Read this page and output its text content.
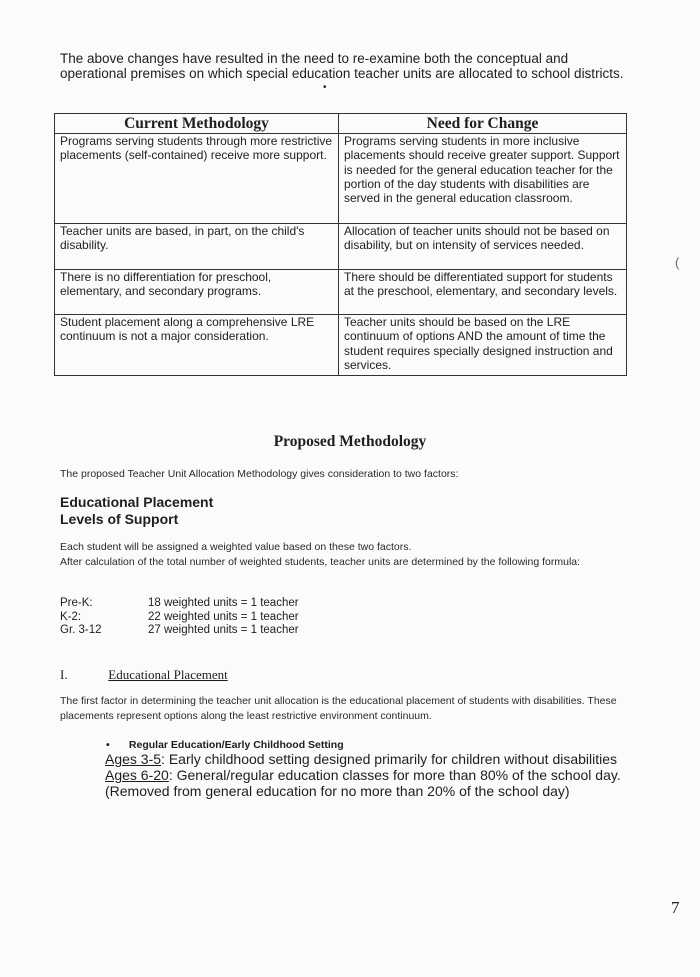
The above changes have resulted in the need to re-examine both the conceptual and operational premises on which special education teacher units are allocated to school districts.

•
Current Methodology	Need for Change
Programs serving students through more restrictive placements (self-contained) receive more support.	Programs serving students in more inclusive placements should receive greater support. Support is needed for the general education teacher for the portion of the day students with disabilities are served in the general education classroom.
Teacher units are based, in part, on the child's disability.	Allocation of teacher units should not be based on disability, but on intensity of services needed.
There is no differentiation for preschool, elementary, and secondary programs.	There should be differentiated support for students at the preschool, elementary, and secondary levels.
Student placement along a comprehensive LRE continuum is not a major consideration.	Teacher units should be based on the LRE continuum of options AND the amount of time the student requires specially designed instruction and services.
(
Proposed Methodology

The proposed Teacher Unit Allocation Methodology gives consideration to two factors:

Educational Placement
Levels of Support
Each student will be assigned a weighted value based on these two factors.
After calculation of the total number of weighted students, teacher units are determined by the following formula:
Pre-K:	18 weighted units = 1 teacher
K-2:	22 weighted units = 1 teacher
Gr. 3-12	27 weighted units = 1 teacher
I.	Educational Placement

The first factor in determining the teacher unit allocation is the educational placement of students with disabilities. These placements represent options along the least restrictive environment continuum.

• Regular Education/Early Childhood Setting
Ages 3-5: Early childhood setting designed primarily for children without disabilities
Ages 6-20: General/regular education classes for more than 80% of the school day. (Removed from general education for no more than 20% of the school day)
7
